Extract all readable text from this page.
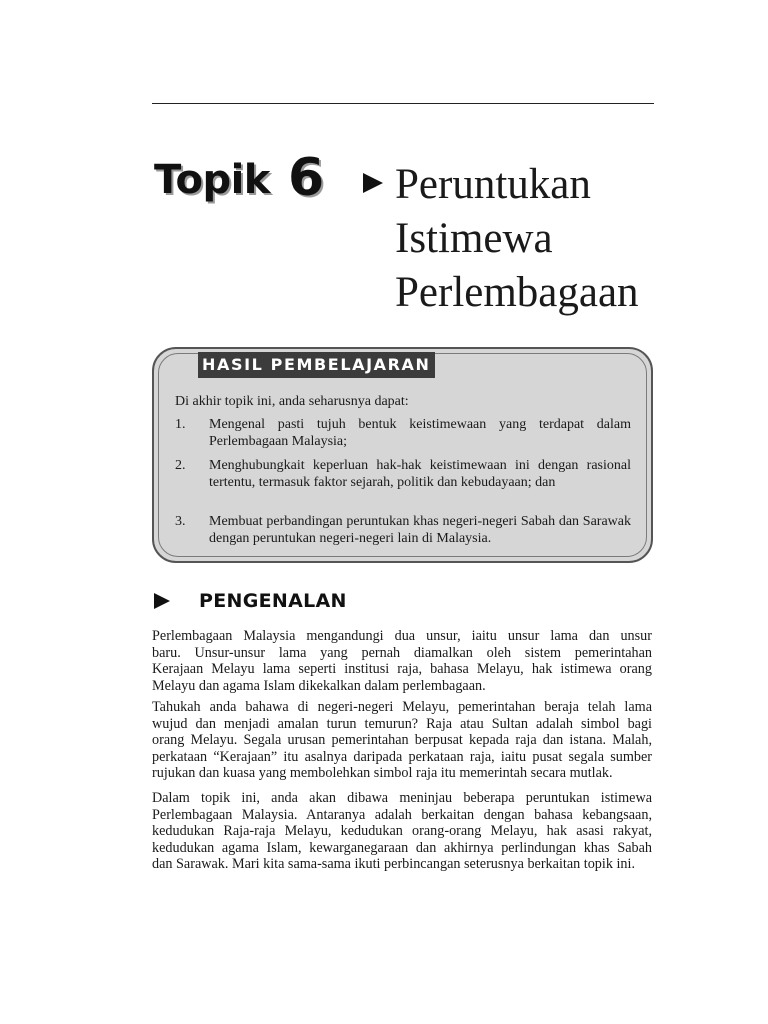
Topik 6 Peruntukan
Istimewa
Perlembagaan
HASIL PEMBELAJARAN
Di akhir topik ini, anda seharusnya dapat:
1. Mengenal pasti tujuh bentuk keistimewaan yang terdapat dalam Perlembagaan Malaysia;
2. Menghubungkait keperluan hak-hak keistimewaan ini dengan rasional tertentu, termasuk faktor sejarah, politik dan kebudayaan; dan
3. Membuat perbandingan peruntukan khas negeri-negeri Sabah dan Sarawak dengan peruntukan negeri-negeri lain di Malaysia.
PENGENALAN
Perlembagaan Malaysia mengandungi dua unsur, iaitu unsur lama dan unsur
baru. Unsur-unsur lama yang pernah diamalkan oleh sistem pemerintahan
Kerajaan Melayu lama seperti institusi raja, bahasa Melayu, hak istimewa orang
Melayu dan agama Islam dikekalkan dalam perlembagaan.
Tahukah anda bahawa di negeri-negeri Melayu, pemerintahan beraja telah lama
wujud dan menjadi amalan turun temurun? Raja atau Sultan adalah simbol bagi
orang Melayu. Segala urusan pemerintahan berpusat kepada raja dan istana. Malah,
perkataan “Kerajaan” itu asalnya daripada perkataan raja, iaitu pusat segala sumber
rujukan dan kuasa yang membolehkan simbol raja itu memerintah secara mutlak.
Dalam topik ini, anda akan dibawa meninjau beberapa peruntukan istimewa
Perlembagaan Malaysia. Antaranya adalah berkaitan dengan bahasa kebangsaan,
kedudukan Raja-raja Melayu, kedudukan orang-orang Melayu, hak asasi rakyat,
kedudukan agama Islam, kewarganegaraan dan akhirnya perlindungan khas Sabah
dan Sarawak. Mari kita sama-sama ikuti perbincangan seterusnya berkaitan topik ini.
